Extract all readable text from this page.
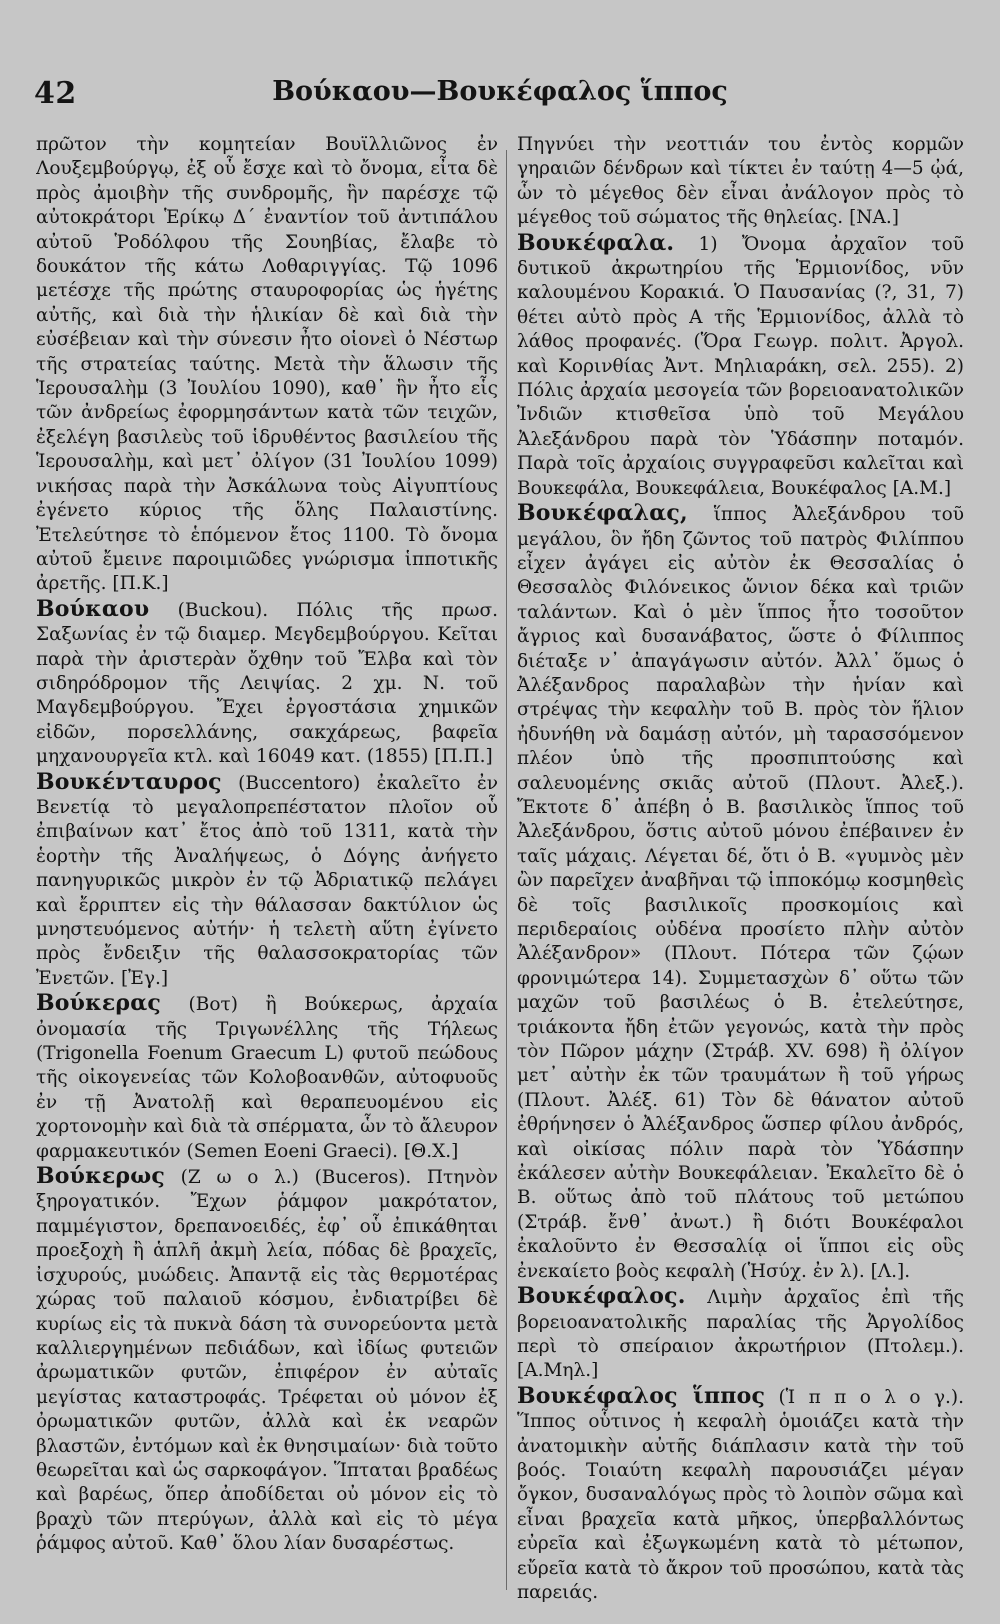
42	Βούκαου—Βουκέφαλος ἵππος

πρῶτον τὴν κομητείαν Βουϊλλιῶνος ἐν Λουξεμβούργῳ, ἐξ οὗ ἔσχε καὶ τὸ ὄνομα, εἶτα δὲ πρὸς ἀμοιβὴν τῆς συνδρομῆς, ἣν παρέσχε τῷ αὐτοκράτορι Ἑρίκῳ Δ΄ ἐναντίον τοῦ ἀντιπάλου αὐτοῦ Ῥοδόλφου τῆς Σουηβίας, ἔλαβε τὸ δουκάτον τῆς κάτω Λοθαριγγίας. Τῷ 1096 μετέσχε τῆς πρώτης σταυροφορίας ὡς ἡγέτης αὐτῆς, καὶ διὰ τὴν ἡλικίαν δὲ καὶ διὰ τὴν εὐσέβειαν καὶ τὴν σύνεσιν ἦτο οἱονεὶ ὁ Νέστωρ τῆς στρατείας ταύτης. Μετὰ τὴν ἅλωσιν τῆς Ἱερουσαλὴμ (3 Ἰουλίου 1090), καθ᾽ ἣν ἦτο εἷς τῶν ἀνδρείως ἐφορμησάντων κατὰ τῶν τειχῶν, ἐξελέγη βασιλεὺς τοῦ ἱδρυθέντος βασιλείου τῆς Ἱερουσαλὴμ, καὶ μετ᾽ ὀλίγον (31 Ἰουλίου 1099) νικήσας παρὰ τὴν Ἀσκάλωνα τοὺς Αἰγυπτίους ἐγένετο κύριος τῆς ὅλης Παλαιστίνης. Ἐτελεύτησε τὸ ἑπόμενον ἔτος 1100. Τὸ ὄνομα αὐτοῦ ἔμεινε παροιμιῶδες γνώρισμα ἱπποτικῆς ἀρετῆς. [Π.Κ.]

Βούκαου (Buckou). Πόλις τῆς πρωσ. Σαξωνίας ἐν τῷ διαμερ. Μεγδεμβούργου. Κεῖται παρὰ τὴν ἀριστερὰν ὄχθην τοῦ Ἔλβα καὶ τὸν σιδηρόδρομον τῆς Λειψίας. 2 χμ. Ν. τοῦ Μαγδεμβούργου. Ἔχει ἐργοστάσια χημικῶν εἰδῶν, πορσελλάνης, σακχάρεως, βαφεῖα μηχανουργεῖα κτλ. καὶ 16049 κατ. (1855) [Π.Π.]

Βουκένταυρος (Buccentoro) ἐκαλεῖτο ἐν Βενετίᾳ τὸ μεγαλοπρεπέστατον πλοῖον οὗ ἐπιβαίνων κατ᾽ ἔτος ἀπὸ τοῦ 1311, κατὰ τὴν ἑορτὴν τῆς Ἀναλήψεως, ὁ Δόγης ἀνήγετο πανηγυρικῶς μικρὸν ἐν τῷ Ἀδριατικῷ πελάγει καὶ ἔρριπτεν εἰς τὴν θάλασσαν δακτύλιον ὡς μνηστευόμενος αὐτήν· ἡ τελετὴ αὕτη ἐγίνετο πρὸς ἔνδειξιν τῆς θαλασσοκρατορίας τῶν Ἐνετῶν. [Ἐγ.]

Βούκερας (Βοτ) ἢ Βούκερως, ἀρχαία ὀνομασία τῆς Τριγωνέλλης τῆς Τήλεως (Trigonella Foenum Graecum L) φυτοῦ πεώδους τῆς οἰκογενείας τῶν Κολοβοανθῶν, αὐτοφυοῦς ἐν τῇ Ἀνατολῇ καὶ θεραπευομένου εἰς χορτονομὴν καὶ διὰ τὰ σπέρματα, ὧν τὸ ἄλευρον φαρμακευτικόν (Semen Eoeni Graeci). [Θ.Χ.]

Βούκερως (Ζ ω ο λ.) (Buceros). Πτηνὸν ξηρογατικόν. Ἔχων ῥάμφον μακρότατον, παμμέγιστον, δρεπανοειδές, ἐφ᾽ οὗ ἐπικάθηται προεξοχὴ ἢ ἁπλῆ ἀκμὴ λεία, πόδας δὲ βραχεῖς, ἰσχυρούς, μυώδεις. Ἀπαντᾷ εἰς τὰς θερμοτέρας χώρας τοῦ παλαιοῦ κόσμου, ἐνδιατρίβει δὲ κυρίως εἰς τὰ πυκνὰ δάση τὰ συνορεύοντα μετὰ καλλιεργημένων πεδιάδων, καὶ ἰδίως φυτειῶν ἀρωματικῶν φυτῶν, ἐπιφέρον ἐν αὐταῖς μεγίστας καταστροφάς. Τρέφεται οὐ μόνον ἐξ ὀρωματικῶν φυτῶν, ἀλλὰ καὶ ἐκ νεαρῶν βλαστῶν, ἐντόμων καὶ ἐκ θνησιμαίων· διὰ τοῦτο θεωρεῖται καὶ ὡς σαρκοφάγον. Ἵπταται βραδέως καὶ βαρέως, ὅπερ ἀποδίδεται οὐ μόνον εἰς τὸ βραχὺ τῶν πτερύγων, ἀλλὰ καὶ εἰς τὸ μέγα ῥάμφος αὐτοῦ. Καθ᾽ ὅλου λίαν δυσαρέστως.

Πηγνύει τὴν νεοττιάν του ἐντὸς κορμῶν γηραιῶν δένδρων καὶ τίκτει ἐν ταύτῃ 4—5 ᾠά, ὧν τὸ μέγεθος δὲν εἶναι ἀνάλογον πρὸς τὸ μέγεθος τοῦ σώματος τῆς θηλείας. [ΝΑ.]

Βουκέφαλα. 1) Ὄνομα ἀρχαῖον τοῦ δυτικοῦ ἀκρωτηρίου τῆς Ἑρμιονίδος, νῦν καλουμένου Κορακιά. Ὁ Παυσανίας (?, 31, 7) θέτει αὐτὸ πρὸς Α τῆς Ἑρμιονίδος, ἀλλὰ τὸ λάθος προφανές. (Ὅρα Γεωγρ. πολιτ. Ἀργολ. καὶ Κορινθίας Ἀντ. Μηλιαράκη, σελ. 255). 2) Πόλις ἀρχαία μεσογεία τῶν βορειοανατολικῶν Ἰνδιῶν κτισθεῖσα ὑπὸ τοῦ Μεγάλου Ἀλεξάνδρου παρὰ τὸν Ὑδάσπην ποταμόν. Παρὰ τοῖς ἀρχαίοις συγγραφεῦσι καλεῖται καὶ Βουκεφάλα, Βουκεφάλεια, Βουκέφαλος [Α.Μ.]

Βουκέφαλας, ἵππος Ἀλεξάνδρου τοῦ μεγάλου, ὃν ἤδη ζῶντος τοῦ πατρὸς Φιλίππου εἶχεν ἀγάγει εἰς αὐτὸν ἐκ Θεσσαλίας ὁ Θεσσαλὸς Φιλόνεικος ὤνιον δέκα καὶ τριῶν ταλάντων. Καὶ ὁ μὲν ἵππος ἦτο τοσοῦτον ἄγριος καὶ δυσανάβατος, ὥστε ὁ Φίλιππος διέταξε ν᾽ ἀπαγάγωσιν αὐτόν. Ἀλλ᾽ ὅμως ὁ Ἀλέξανδρος παραλαβὼν τὴν ἡνίαν καὶ στρέψας τὴν κεφαλὴν τοῦ Β. πρὸς τὸν ἥλιον ἠδυνήθη νὰ δαμάσῃ αὐτόν, μὴ ταρασσόμενον πλέον ὑπὸ τῆς προσπιπτούσης καὶ σαλευομένης σκιᾶς αὐτοῦ (Πλουτ. Ἀλεξ.). Ἔκτοτε δ᾽ ἀπέβη ὁ Β. βασιλικὸς ἵππος τοῦ Ἀλεξάνδρου, ὅστις αὐτοῦ μόνου ἐπέβαινεν ἐν ταῖς μάχαις. Λέγεται δέ, ὅτι ὁ Β. «γυμνὸς μὲν ὢν παρεῖχεν ἀναβῆναι τῷ ἱπποκόμῳ κοσμηθεὶς δὲ τοῖς βασιλικοῖς προσκομίοις καὶ περιδεραίοις οὐδένα προσίετο πλὴν αὐτὸν Ἀλέξανδρον» (Πλουτ. Πότερα τῶν ζῴων φρονιμώτερα 14). Συμμετασχὼν δ᾽ οὕτω τῶν μαχῶν τοῦ βασιλέως ὁ Β. ἐτελεύτησε, τριάκοντα ἤδη ἐτῶν γεγονώς, κατὰ τὴν πρὸς τὸν Πῶρον μάχην (Στράβ. XV. 698) ἢ ὀλίγον μετ᾽ αὐτὴν ἐκ τῶν τραυμάτων ἢ τοῦ γήρως (Πλουτ. Ἀλέξ. 61) Τὸν δὲ θάνατον αὐτοῦ ἐθρήνησεν ὁ Ἀλέξανδρος ὥσπερ φίλου ἀνδρός, καὶ οἰκίσας πόλιν παρὰ τὸν Ὑδάσπην ἐκάλεσεν αὐτὴν Βουκεφάλειαν. Ἐκαλεῖτο δὲ ὁ Β. οὕτως ἀπὸ τοῦ πλάτους τοῦ μετώπου (Στράβ. ἔνθ᾽ ἀνωτ.) ἢ διότι Βουκέφαλοι ἐκαλοῦντο ἐν Θεσσαλίᾳ οἱ ἵπποι εἰς οὓς ἐνεκαίετο βοὸς κεφαλὴ (Ἡσύχ. ἐν λ). [Λ.].

Βουκέφαλος. Λιμὴν ἀρχαῖος ἐπὶ τῆς βορειοανατολικῆς παραλίας τῆς Ἀργολίδος περὶ τὸ σπείραιον ἀκρωτήριον (Πτολεμ.). [Α.Μηλ.]

Βουκέφαλος ἵππος (Ἱ π π ο λ ο γ.). Ἵππος οὗτινος ἡ κεφαλὴ ὁμοιάζει κατὰ τὴν ἀνατομικὴν αὐτῆς διάπλασιν κατὰ τὴν τοῦ βοός. Τοιαύτη κεφαλὴ παρουσιάζει μέγαν ὄγκον, δυσαναλόγως πρὸς τὸ λοιπὸν σῶμα καὶ εἶναι βραχεῖα κατὰ μῆκος, ὑπερβαλλόντως εὐρεῖα καὶ ἐξωγκωμένη κατὰ τὸ μέτωπον, εὔρεῖα κατὰ τὸ ἄκρον τοῦ προσώπου, κατὰ τὰς παρειάς.
